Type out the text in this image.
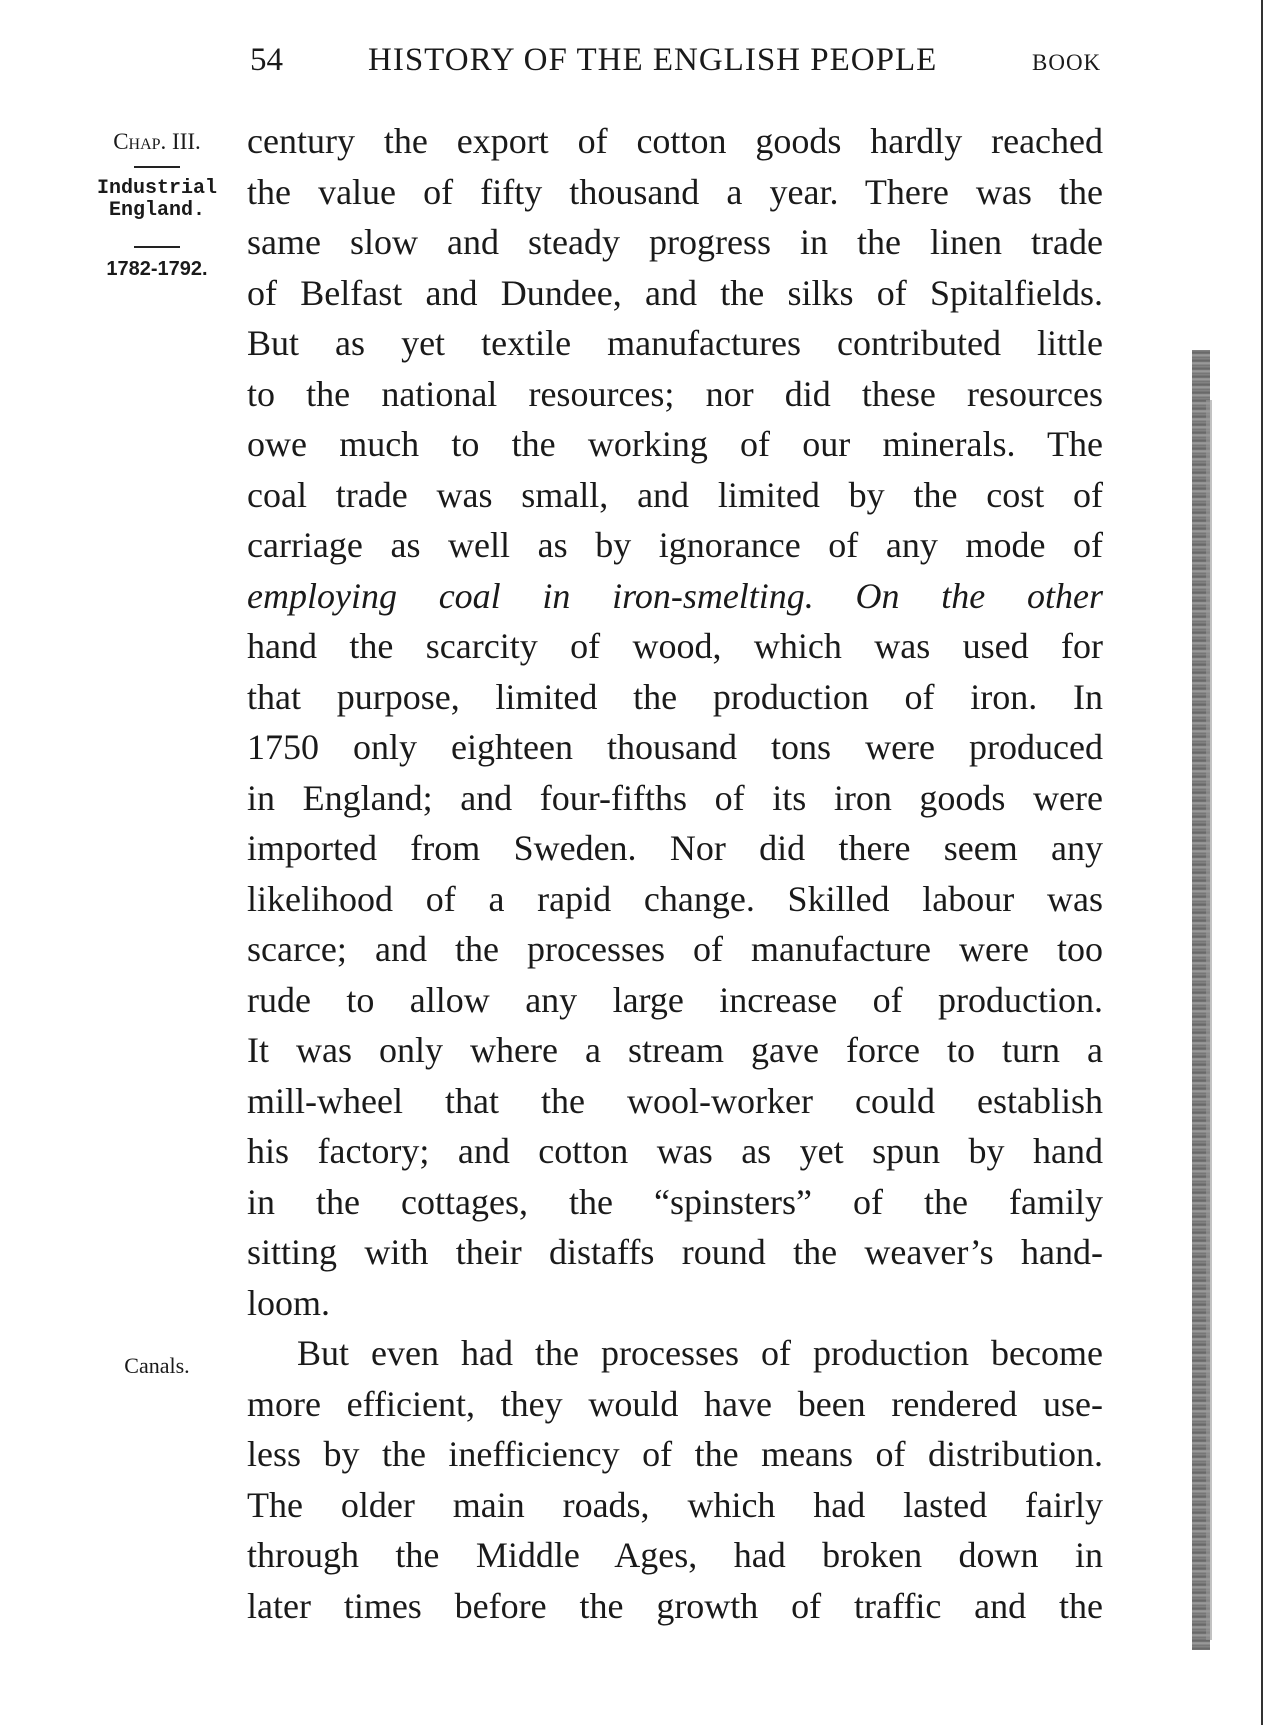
54	HISTORY OF THE ENGLISH PEOPLE	BOOK
Chap. III.
Industrial
England.
1782-1792.
Canals.
century the export of cotton goods hardly reached
the value of fifty thousand a year. There was the
same slow and steady progress in the linen trade
of Belfast and Dundee, and the silks of Spitalfields.
But as yet textile manufactures contributed little
to the national resources; nor did these resources
owe much to the working of our minerals. The
coal trade was small, and limited by the cost of
carriage as well as by ignorance of any mode of
employing coal in iron-smelting. On the other
hand the scarcity of wood, which was used for
that purpose, limited the production of iron. In
1750 only eighteen thousand tons were produced
in England; and four-fifths of its iron goods were
imported from Sweden. Nor did there seem any
likelihood of a rapid change. Skilled labour was
scarce; and the processes of manufacture were too
rude to allow any large increase of production.
It was only where a stream gave force to turn a
mill-wheel that the wool-worker could establish
his factory; and cotton was as yet spun by hand
in the cottages, the “spinsters” of the family
sitting with their distaffs round the weaver’s hand-
loom.
But even had the processes of production become
more efficient, they would have been rendered use-
less by the inefficiency of the means of distribution.
The older main roads, which had lasted fairly
through the Middle Ages, had broken down in
later times before the growth of traffic and the
